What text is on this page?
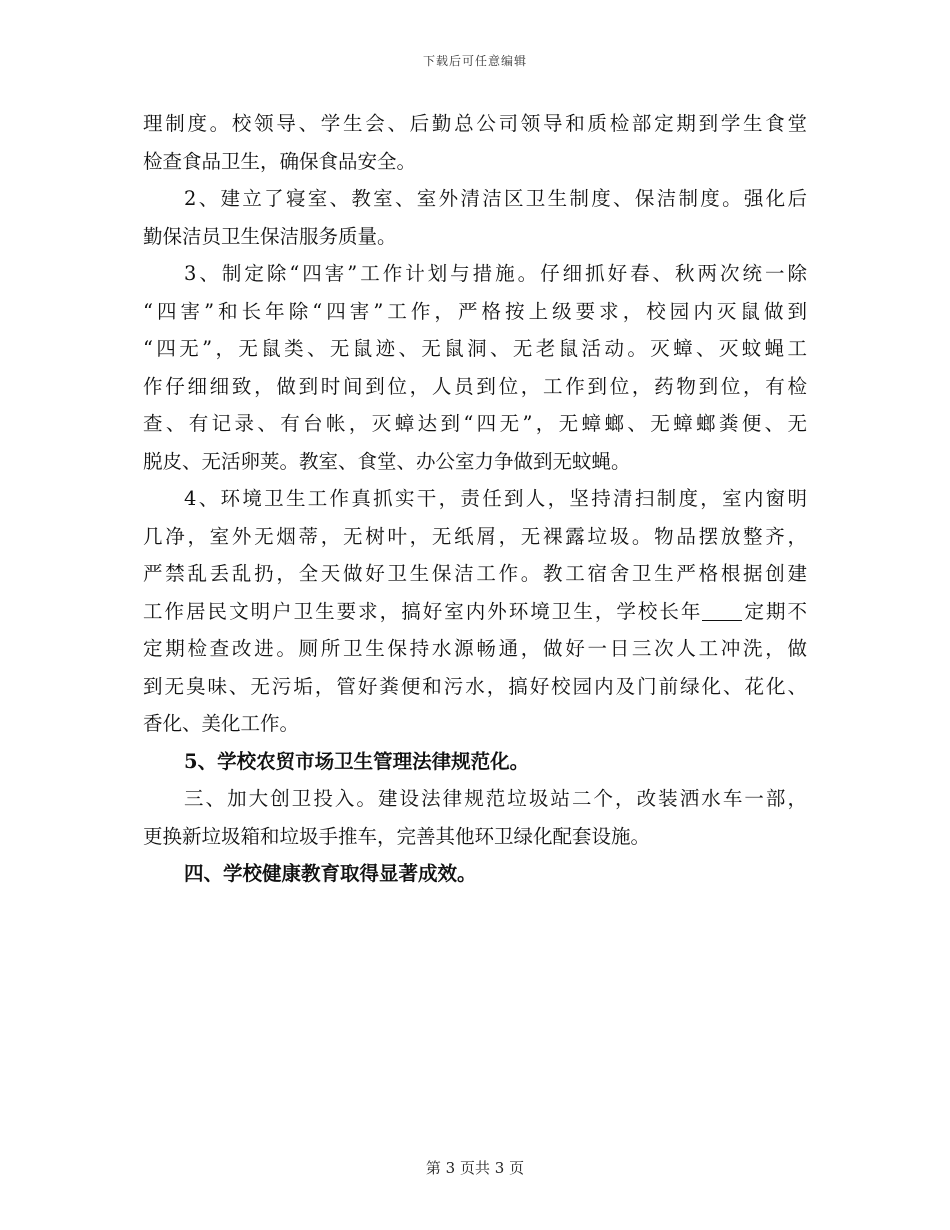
下载后可任意编辑
理制度。校领导、学生会、后勤总公司领导和质检部定期到学生食堂
检查食品卫生，确保食品安全。
2、建立了寝室、教室、室外清洁区卫生制度、保洁制度。强化后
勤保洁员卫生保洁服务质量。
3、制定除“四害”工作计划与措施。仔细抓好春、秋两次统一除
“四害”和长年除“四害”工作，严格按上级要求，校园内灭鼠做到
“四无”，无鼠类、无鼠迹、无鼠洞、无老鼠活动。灭蟑、灭蚊蝇工
作仔细细致，做到时间到位，人员到位，工作到位，药物到位，有检
查、有记录、有台帐，灭蟑达到“四无”，无蟑螂、无蟑螂粪便、无
脱皮、无活卵荚。教室、食堂、办公室力争做到无蚊蝇。
4、环境卫生工作真抓实干，责任到人，坚持清扫制度，室内窗明
几净，室外无烟蒂，无树叶，无纸屑，无裸露垃圾。物品摆放整齐，
严禁乱丢乱扔，全天做好卫生保洁工作。教工宿舍卫生严格根据创建
工作居民文明户卫生要求，搞好室内外环境卫生，学校长年 定期不
定期检查改进。厕所卫生保持水源畅通，做好一日三次人工冲洗，做
到无臭味、无污垢，管好粪便和污水，搞好校园内及门前绿化、花化、
香化、美化工作。
5、学校农贸市场卫生管理法律规范化。
三、加大创卫投入。建设法律规范垃圾站二个，改装洒水车一部，
更换新垃圾箱和垃圾手推车，完善其他环卫绿化配套设施。
四、学校健康教育取得显著成效。
第 3 页共 3 页
